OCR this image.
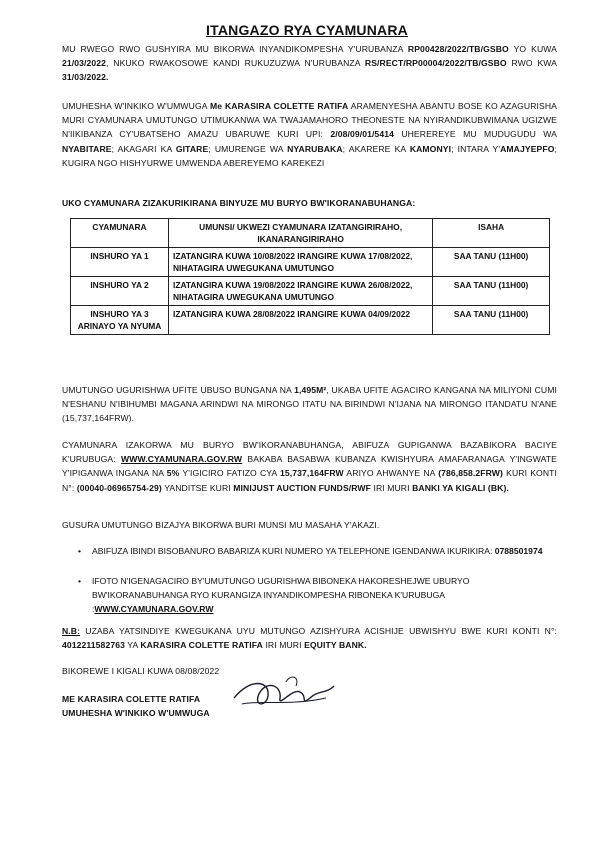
ITANGAZO RYA CYAMUNARA
MU RWEGO RWO GUSHYIRA MU BIKORWA INYANDIKOMPESHA Y'URUBANZA RP00428/2022/TB/GSBO YO KUWA 21/03/2022, NKUKO RWAKOSOWE KANDI RUKUZUZWA N'URUBANZA RS/RECT/RP00004/2022/TB/GSBO RWO KWA 31/03/2022.
UMUHESHA W'INKIKO W'UMWUGA Me KARASIRA COLETTE RATIFA ARAMENYESHA ABANTU BOSE KO AZAGURISHA MURI CYAMUNARA UMUTUNGO UTIMUKANWA WA TWAJAMAHORO THEONESTE NA NYIRANDIKUBWIMANA UGIZWE N'IIKIBANZA CY'UBATSEHO AMAZU UBARUWE KURI UPI: 2/08/09/01/5414 UHEREREYE MU MUDUGUDU WA NYABITARE; AKAGARI KA GITARE; UMURENGE WA NYARUBAKA; AKARERE KA KAMONYI; INTARA Y'AMAJYEPFO; KUGIRA NGO HISHYURWE UMWENDA ABEREYEMO KAREKEZI
UKO CYAMUNARA ZIZAKURIKIRANA BINYUZE MU BURYO BW'IKORANABUHANGA:
CYAMUNARA	UMUNSI/ UKWEZI CYAMUNARA IZATANGIRIRAHO, IKANARANGIRIRAHO	ISAHA
INSHURO YA 1	IZATANGIRA KUWA 10/08/2022 IRANGIRE KUWA 17/08/2022, NIHATAGIRA UWEGUKANA UMUTUNGO	SAA TANU (11H00)
INSHURO YA 2	IZATANGIRA KUWA 19/08/2022 IRANGIRE KUWA 26/08/2022, NIHATAGIRA UWEGUKANA UMUTUNGO	SAA TANU (11H00)
INSHURO YA 3 ARINAYO YA NYUMA	IZATANGIRA KUWA 28/08/2022 IRANGIRE KUWA 04/09/2022	SAA TANU (11H00)
UMUTUNGO UGURISHWA UFITE UBUSO BUNGANA NA 1,495M², UKABA UFITE AGACIRO KANGANA NA MILIYONI CUMI N'ESHANU N'IBIHUMBI MAGANA ARINDWI NA MIRONGO ITATU NA BIRINDWI N'IJANA NA MIRONGO ITANDATU N'ANE (15,737,164FRW).
CYAMUNARA IZAKORWA MU BURYO BW'IKORANABUHANGA, ABIFUZA GUPIGANWA BAZABIKORA BACIYE K'URUBUGA: WWW.CYAMUNARA.GOV.RW BAKABA BASABWA KUBANZA KWISHYURA AMAFARANAGA Y'INGWATE Y'IPIGANWA INGANA NA 5% Y'IGICIRO FATIZO CYA 15,737,164FRW ARIYO AHWANYE NA (786,858.2FRW) KURI KONTI N°: (00040-06965754-29) YANDITSE KURI MINIJUST AUCTION FUNDS/RWF IRI MURI BANKI YA KIGALI (BK).
GUSURA UMUTUNGO BIZAJYA BIKORWA BURI MUNSI MU MASAHA Y'AKAZI.
• ABIFUZA IBINDI BISOBANURO BABARIZA KURI NUMERO YA TELEPHONE IGENDANWA IKURIKIRA: 0788501974
• IFOTO N'IGENAGACIRO BY'UMUTUNGO UGURISHWA BIBONEKA HAKORESHEJWE UBURYO BW'IKORANABUHANGA RYO KURANGIZA INYANDIKOMPESHA RIBONEKA K'URUBUGA :WWW.CYAMUNARA.GOV.RW
N.B: UZABA YATSINDIYE KWEGUKANA UYU MUTUNGO AZISHYURA ACISHIJE UBWISHYU BWE KURI KONTI N°: 4012211582763 YA KARASIRA COLETTE RATIFA IRI MURI EQUITY BANK.
BIKOREWE I KIGALI KUWA 08/08/2022
ME KARASIRA COLETTE RATIFA
UMUHESHA W'INKIKO W'UMWUGA
